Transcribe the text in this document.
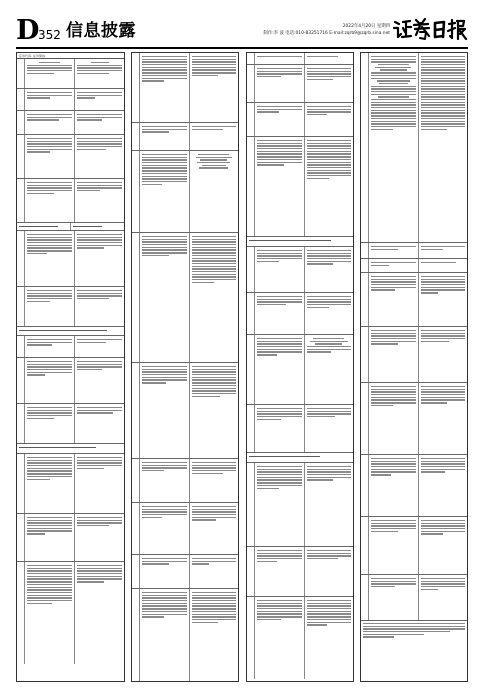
D
352 信息披露	2022年4月20日 星期四
制作:李 波 电话:010-83251716 E-mail:zqrb9@zqrb.sina.net
证券代码: 证券简称:
